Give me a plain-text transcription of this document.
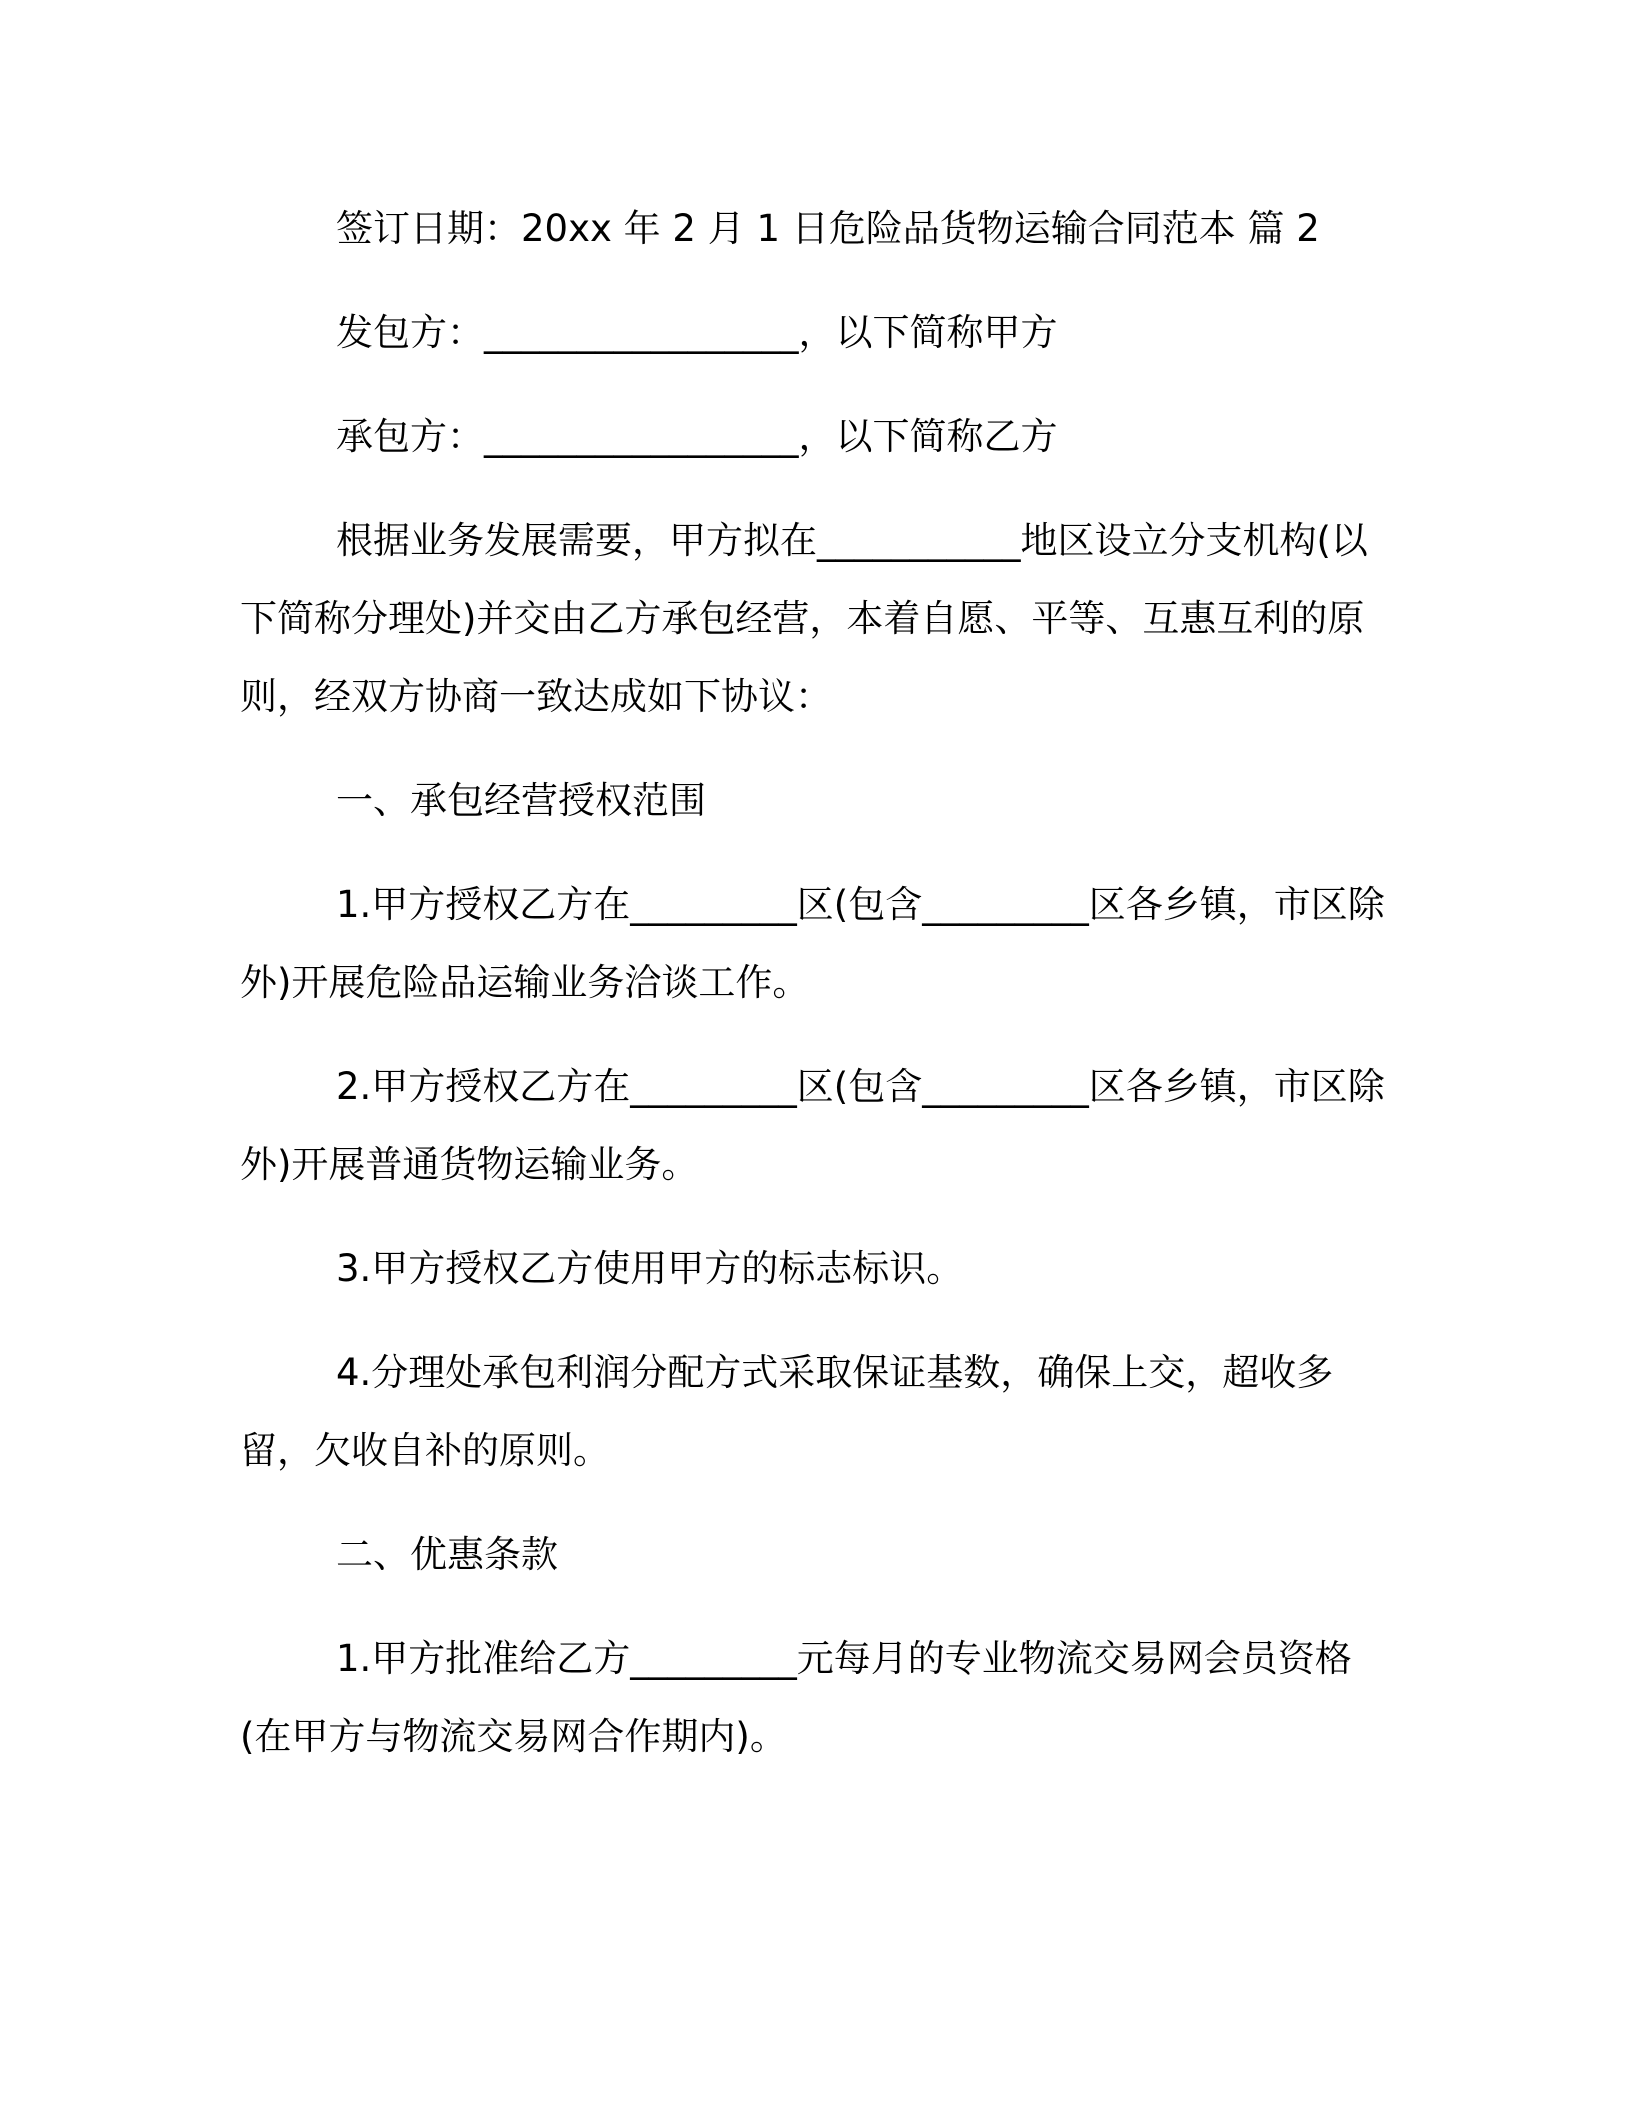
签订日期：20xx 年 2 月 1 日危险品货物运输合同范本 篇 2

发包方：_________________，以下简称甲方

承包方：_________________，以下简称乙方

根据业务发展需要，甲方拟在___________地区设立分支机构(以下简称分理处)并交由乙方承包经营，本着自愿、平等、互惠互利的原则，经双方协商一致达成如下协议：

一、承包经营授权范围

1.甲方授权乙方在_________区(包含_________区各乡镇，市区除外)开展危险品运输业务洽谈工作。

2.甲方授权乙方在_________区(包含_________区各乡镇，市区除外)开展普通货物运输业务。

3.甲方授权乙方使用甲方的标志标识。

4.分理处承包利润分配方式采取保证基数，确保上交，超收多留，欠收自补的原则。

二、优惠条款

1.甲方批准给乙方_________元每月的专业物流交易网会员资格(在甲方与物流交易网合作期内)。
